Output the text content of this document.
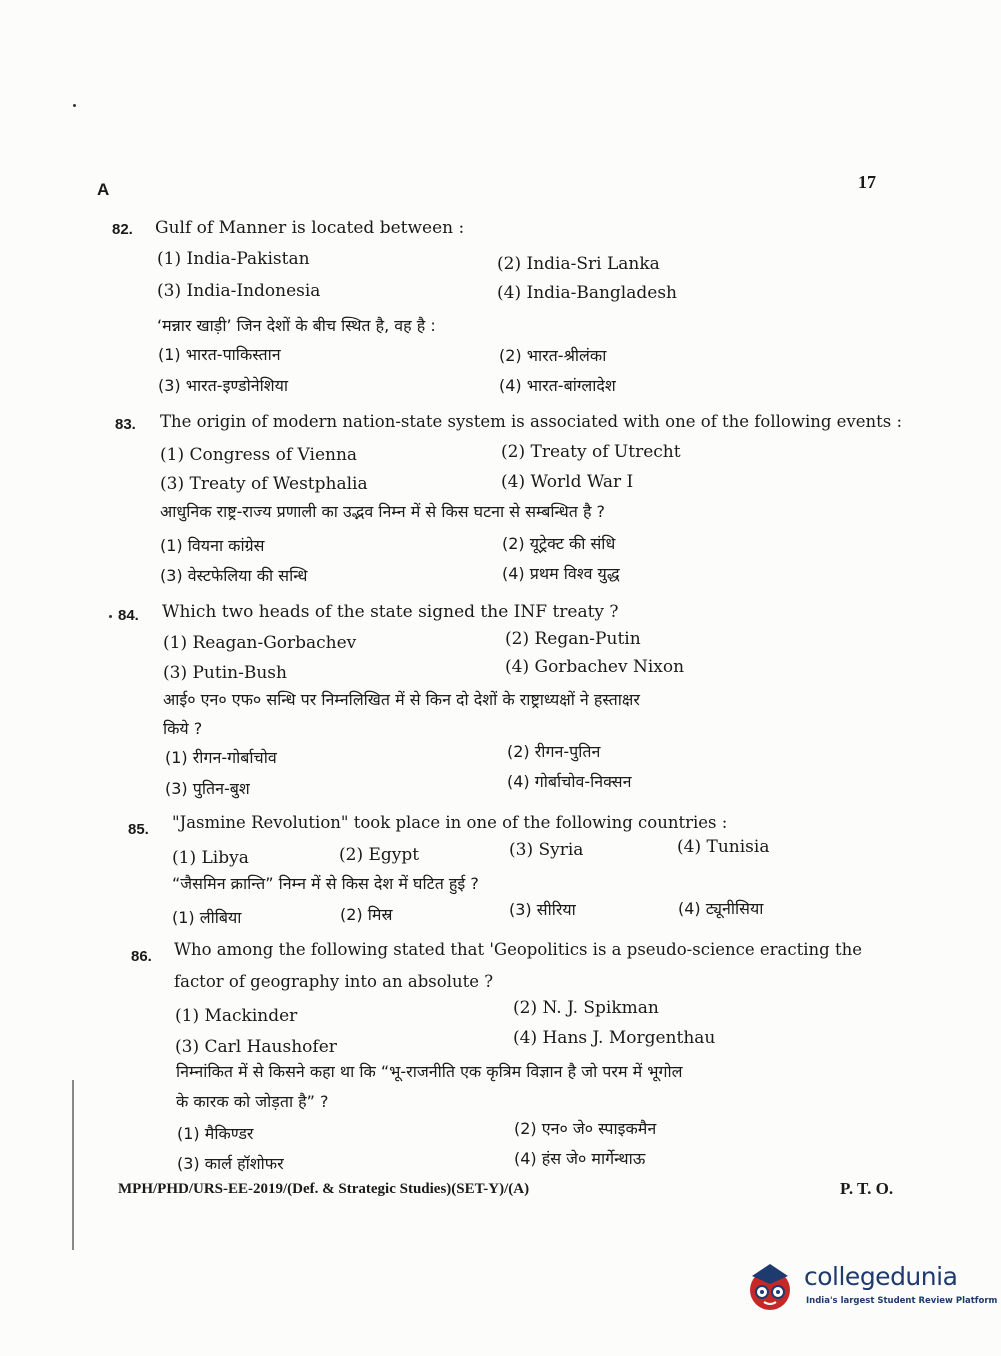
A	17
82. Gulf of Manner is located between :
(1) India-Pakistan	(2) India-Sri Lanka
(3) India-Indonesia	(4) India-Bangladesh
‘मन्नार खाड़ी’ जिन देशों के बीच स्थित है, वह है :
(1) भारत-पाकिस्तान	(2) भारत-श्रीलंका
(3) भारत-इण्डोनेशिया	(4) भारत-बांग्लादेश
83. The origin of modern nation-state system is associated with one of the following events :
(1) Congress of Vienna	(2) Treaty of Utrecht
(3) Treaty of Westphalia	(4) World War I
आधुनिक राष्ट्र-राज्य प्रणाली का उद्भव निम्न में से किस घटना से सम्बन्धित है ?
(1) वियना कांग्रेस	(2) यूट्रेक्ट की संधि
(3) वेस्टफेलिया की सन्धि	(4) प्रथम विश्व युद्ध
84. Which two heads of the state signed the INF treaty ?
(1) Reagan-Gorbachev	(2) Regan-Putin
(3) Putin-Bush	(4) Gorbachev Nixon
आई० एन० एफ० सन्धि पर निम्नलिखित में से किन दो देशों के राष्ट्राध्यक्षों ने हस्ताक्षर
किये ?
(1) रीगन-गोर्बाचोव	(2) रीगन-पुतिन
(3) पुतिन-बुश	(4) गोर्बाचोव-निक्सन
85. "Jasmine Revolution" took place in one of the following countries :
(1) Libya	(2) Egypt	(3) Syria	(4) Tunisia
“जैसमिन क्रान्ति” निम्न में से किस देश में घटित हुई ?
(1) लीबिया	(2) मिस्र	(3) सीरिया	(4) ट्यूनीसिया
86. Who among the following stated that 'Geopolitics is a pseudo-science eracting the
factor of geography into an absolute ?
(1) Mackinder	(2) N. J. Spikman
(3) Carl Haushofer	(4) Hans J. Morgenthau
निम्नांकित में से किसने कहा था कि “भू-राजनीति एक कृत्रिम विज्ञान है जो परम में भूगोल
के कारक को जोड़ता है” ?
(1) मैकिण्डर	(2) एन० जे० स्पाइकमैन
(3) कार्ल हॉशोफर	(4) हंस जे० मार्गेन्थाऊ
MPH/PHD/URS-EE-2019/(Def. & Strategic Studies)(SET-Y)/(A)	P. T. O.
collegedunia
India's largest Student Review Platform
